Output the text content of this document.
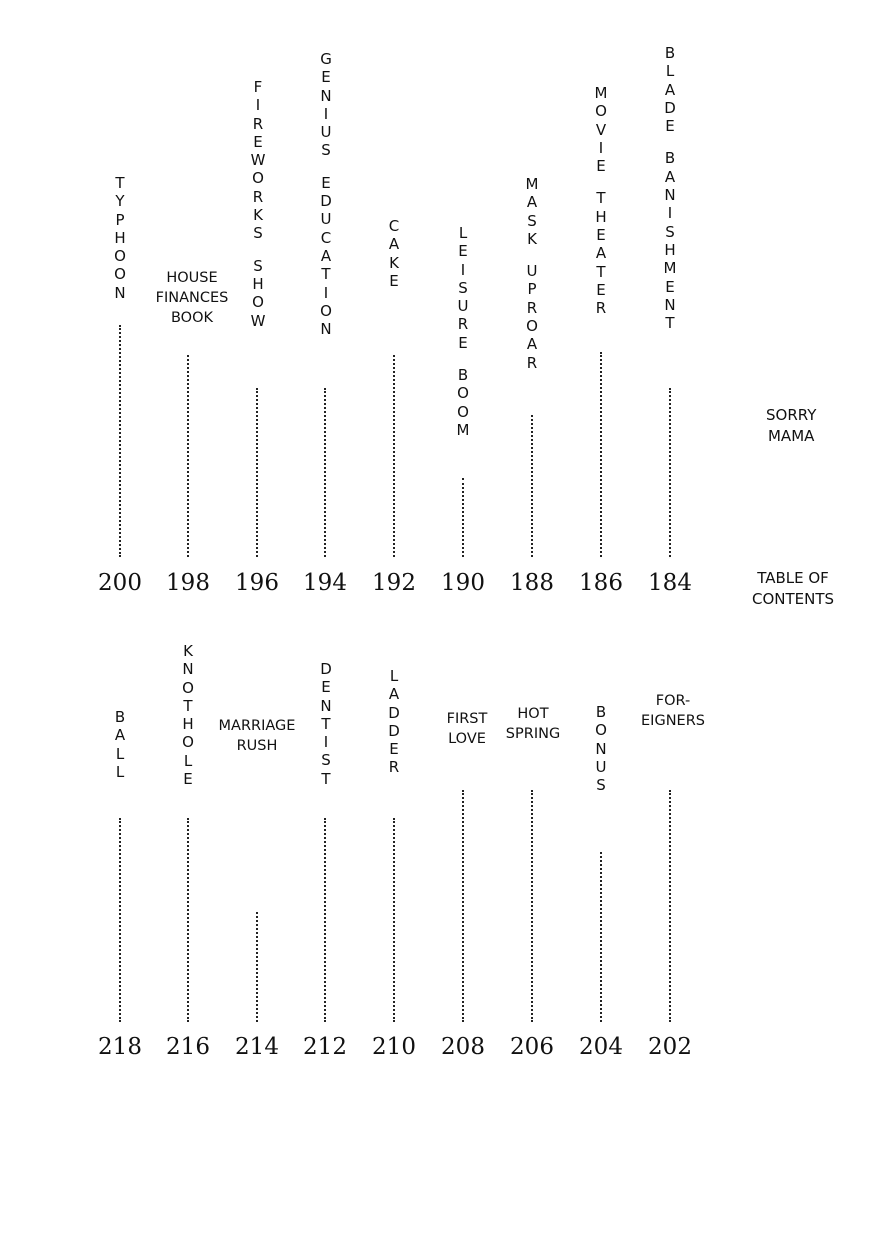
SORRY
MAMA
TABLE OF
CONTENTS
T
Y
P
H
O
O
N
200
HOUSE
FINANCES
BOOK
198
F
I
R
E
W
O
R
K
S
S
H
O
W
196
G
E
N
I
U
S
E
D
U
C
A
T
I
O
N
194
C
A
K
E
192
L
E
I
S
U
R
E
B
O
O
M
190
M
A
S
K
U
P
R
O
A
R
188
M
O
V
I
E
T
H
E
A
T
E
R
186
B
L
A
D
E
B
A
N
I
S
H
M
E
N
T
184
B
A
L
L
218
K
N
O
T
H
O
L
E
216
MARRIAGE
RUSH
214
D
E
N
T
I
S
T
212
L
A
D
D
E
R
210
FIRST
LOVE
208
HOT
SPRING
206
B
O
N
U
S
204
FOR-
EIGNERS
202
